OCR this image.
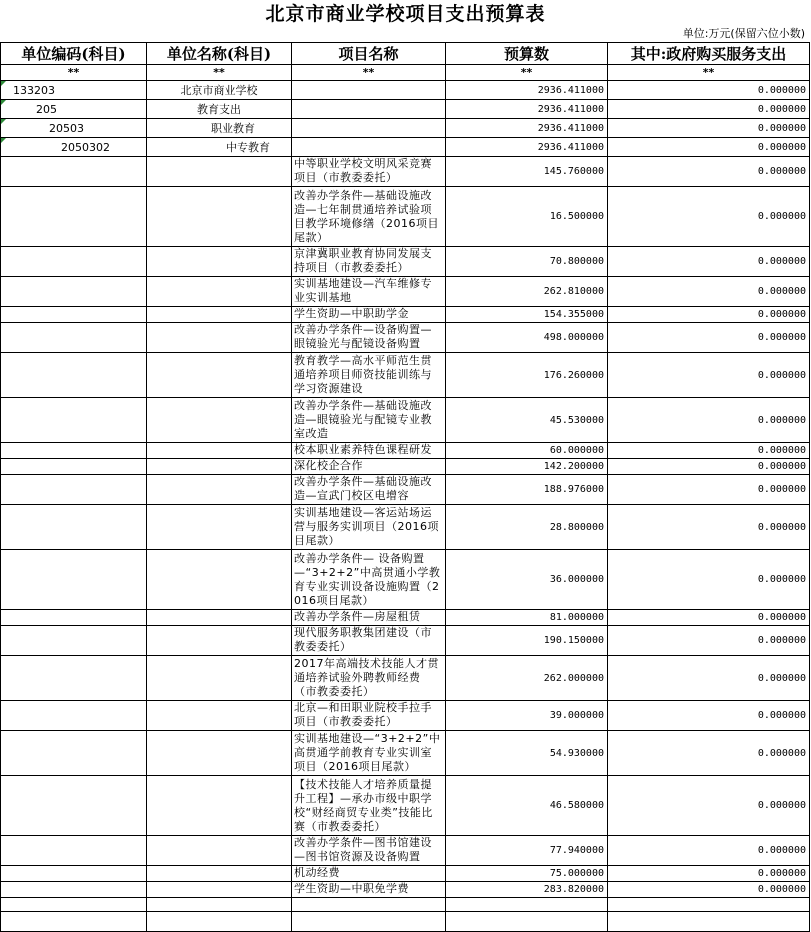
北京市商业学校项目支出预算表
单位:万元(保留六位小数)
单位编码(科目)	单位名称(科目)	项目名称	预算数	其中:政府购买服务支出
**	**	**	**	**
133203	北京市商业学校		2936.411000	0.000000
205	教育支出		2936.411000	0.000000
20503	职业教育		2936.411000	0.000000
2050302	中专教育		2936.411000	0.000000
		中等职业学校文明风采竞赛项目（市教委委托）	145.760000	0.000000
		改善办学条件—基础设施改造—七年制贯通培养试验项目教学环境修缮（2016项目尾款）	16.500000	0.000000
		京津冀职业教育协同发展支持项目（市教委委托）	70.800000	0.000000
		实训基地建设—汽车维修专业实训基地	262.810000	0.000000
		学生资助—中职助学金	154.355000	0.000000
		改善办学条件—设备购置—眼镜验光与配镜设备购置	498.000000	0.000000
		教育教学—高水平师范生贯通培养项目师资技能训练与学习资源建设	176.260000	0.000000
		改善办学条件—基础设施改造—眼镜验光与配镜专业教室改造	45.530000	0.000000
		校本职业素养特色课程研发	60.000000	0.000000
		深化校企合作	142.200000	0.000000
		改善办学条件—基础设施改造—宣武门校区电增容	188.976000	0.000000
		实训基地建设—客运站场运营与服务实训项目（2016项目尾款）	28.800000	0.000000
		改善办学条件— 设备购置—“3+2+2”中高贯通小学教育专业实训设备设施购置（2016项目尾款）	36.000000	0.000000
		改善办学条件—房屋租赁	81.000000	0.000000
		现代服务职教集团建设（市教委委托）	190.150000	0.000000
		2017年高端技术技能人才贯通培养试验外聘教师经费（市教委委托）	262.000000	0.000000
		北京—和田职业院校手拉手项目（市教委委托）	39.000000	0.000000
		实训基地建设—“3+2+2”中高贯通学前教育专业实训室项目（2016项目尾款）	54.930000	0.000000
		【技术技能人才培养质量提升工程】—承办市级中职学校“财经商贸专业类”技能比赛（市教委委托）	46.580000	0.000000
		改善办学条件—图书馆建设—图书馆资源及设备购置	77.940000	0.000000
		机动经费	75.000000	0.000000
		学生资助—中职免学费	283.820000	0.000000
